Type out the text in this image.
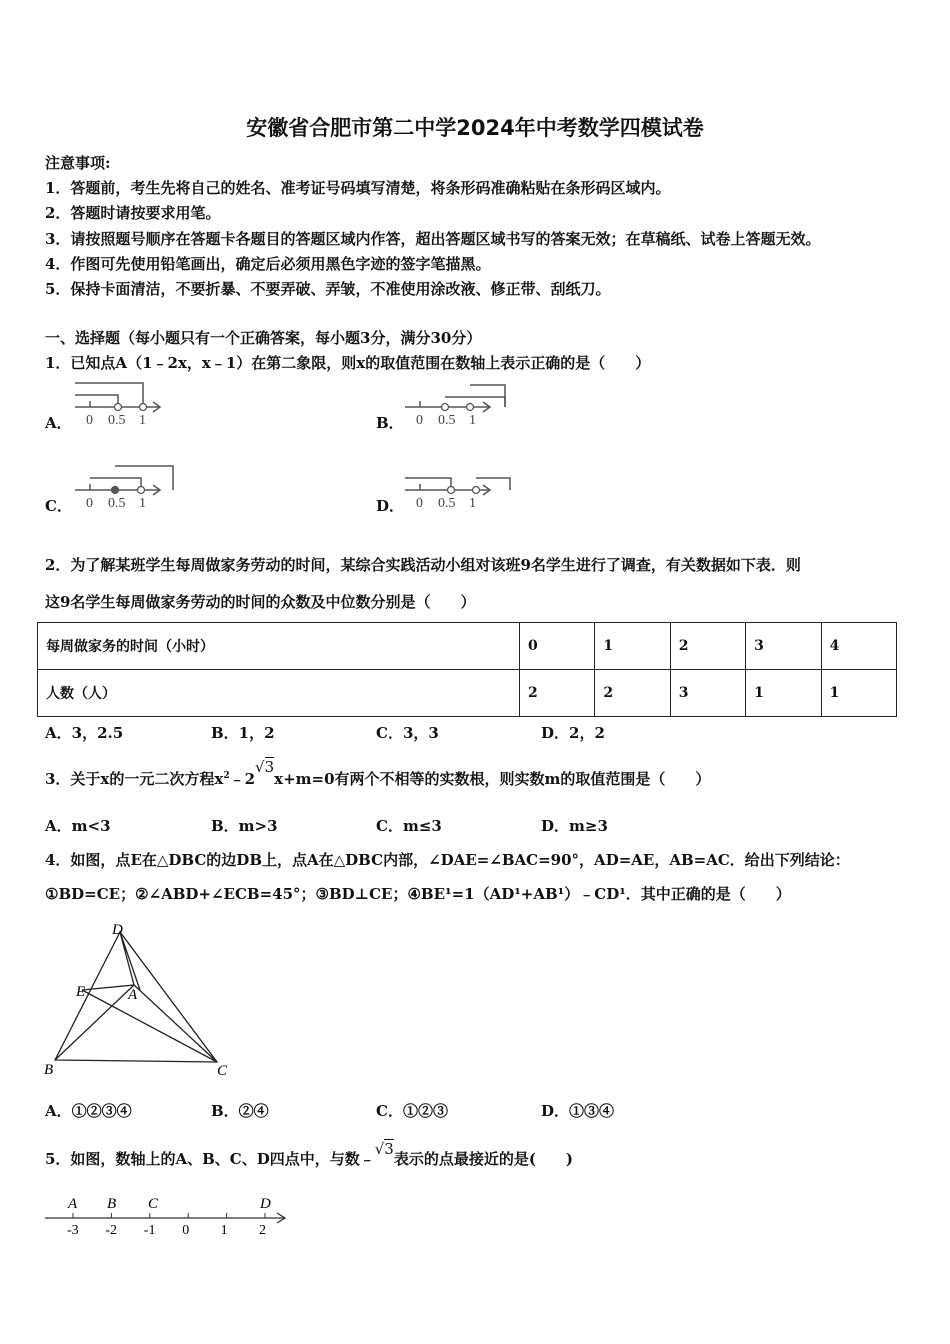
安徽省合肥市第二中学2024年中考数学四模试卷
注意事项:
1．答题前，考生先将自己的姓名、准考证号码填写清楚，将条形码准确粘贴在条形码区域内。
2．答题时请按要求用笔。
3．请按照题号顺序在答题卡各题目的答题区域内作答，超出答题区域书写的答案无效；在草稿纸、试卷上答题无效。
4．作图可先使用铅笔画出，确定后必须用黑色字迹的签字笔描黑。
5．保持卡面清洁，不要折暴、不要弄破、弄皱，不准使用涂改液、修正带、刮纸刀。
一、选择题（每小题只有一个正确答案，每小题3分，满分30分）
1．已知点A（1﹣2x，x﹣1）在第二象限，则x的取值范围在数轴上表示正确的是（　　）
A．	B．
C．	D．
0 0.5 1	0 0.5 1
0 0.5 1	0 0.5 1
2．为了解某班学生每周做家务劳动的时间，某综合实践活动小组对该班9名学生进行了调查，有关数据如下表．则
这9名学生每周做家务劳动的时间的众数及中位数分别是（　　）
每周做家务的时间（小时）	0	1	2	3	4
人数（人）	2	2	3	1	1
A．3，2.5	B．1，2	C．3，3	D．2，2
3．关于x的一元二次方程$x^2﹣2√3x+m=0$有两个不相等的实数根，则实数m的取值范围是（　　）
A．m<3	B．m>3	C．m≤3	D．m≥3
4．如图，点E在△DBC的边DB上，点A在△DBC内部，∠DAE=∠BAC=90°，AD=AE，AB=AC．给出下列结论：
①BD=CE；②∠ABD+∠ECB=45°；③BD⊥CE；④BE¹=1（AD¹+AB¹）﹣CD¹．其中正确的是（　　）
D
E	A
B	C
A．①②③④	B．②④	C．①②③	D．①③④
5．如图，数轴上的A、B、C、D四点中，与数﹣√3表示的点最接近的是(　　)
-3 -2 -1 0 1 2
A B C	D
